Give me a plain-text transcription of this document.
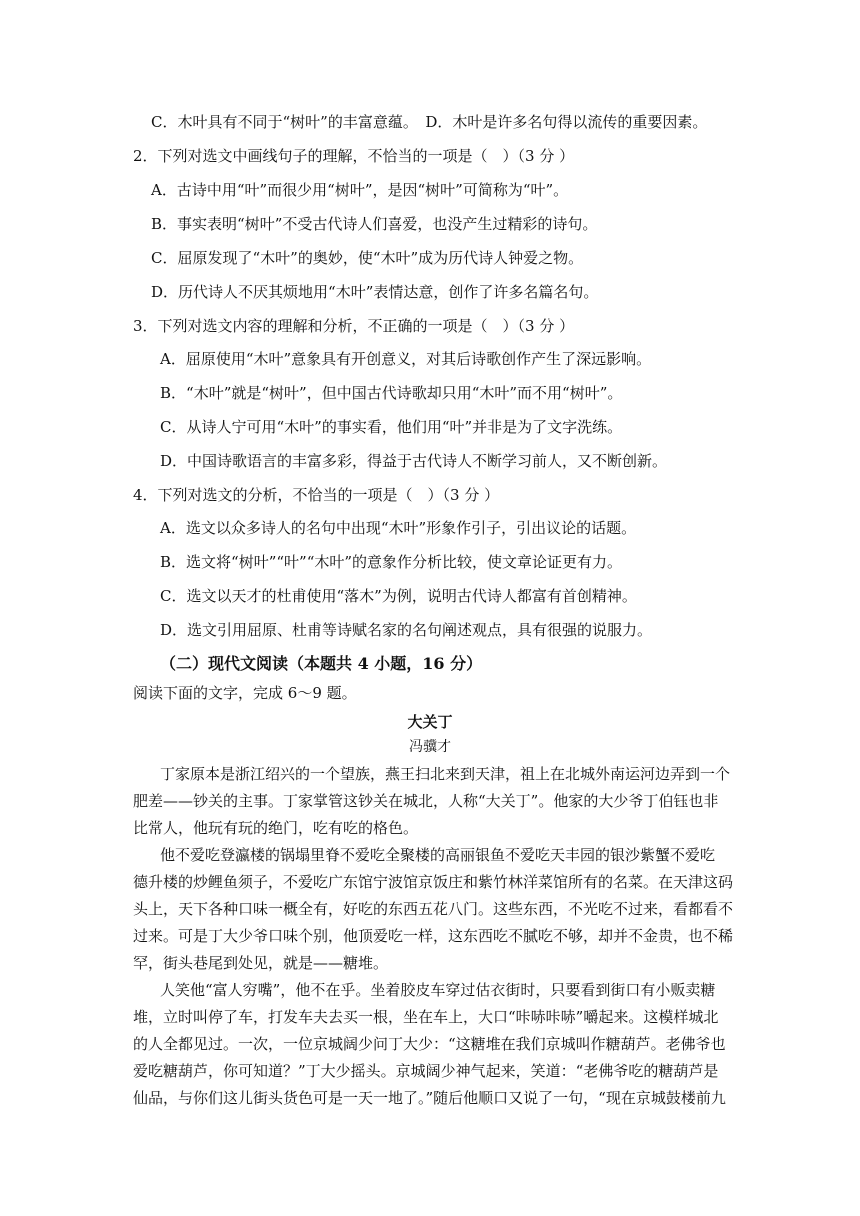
C．木叶具有不同于“树叶”的丰富意蕴。　D．木叶是许多名句得以流传的重要因素。
2．下列对选文中画线句子的理解，不恰当的一项是（　）（3 分 ）
A．古诗中用“叶”而很少用“树叶”，是因“树叶”可简称为“叶”。
B．事实表明“树叶”不受古代诗人们喜爱，也没产生过精彩的诗句。
C．屈原发现了“木叶”的奥妙，使“木叶”成为历代诗人钟爱之物。
D．历代诗人不厌其烦地用“木叶”表情达意，创作了许多名篇名句。
3．下列对选文内容的理解和分析，不正确的一项是（　）（3 分 ）
A．屈原使用“木叶”意象具有开创意义，对其后诗歌创作产生了深远影响。
B．“木叶”就是“树叶”，但中国古代诗歌却只用“木叶”而不用“树叶”。
C．从诗人宁可用“木叶”的事实看，他们用“叶”并非是为了文字洗练。
D．中国诗歌语言的丰富多彩，得益于古代诗人不断学习前人，又不断创新。
4．下列对选文的分析，不恰当的一项是（　）（3 分 ）
A．选文以众多诗人的名句中出现“木叶”形象作引子，引出议论的话题。
B．选文将“树叶”“叶”“木叶”的意象作分析比较，使文章论证更有力。
C．选文以天才的杜甫使用“落木”为例，说明古代诗人都富有首创精神。
D．选文引用屈原、杜甫等诗赋名家的名句阐述观点，具有很强的说服力。
（二）现代文阅读（本题共 4 小题，16 分）
阅读下面的文字，完成 6～9 题。
大关丁
冯骥才
丁家原本是浙江绍兴的一个望族，燕王扫北来到天津，祖上在北城外南运河边弄到一个
肥差——钞关的主事。丁家掌管这钞关在城北，人称“大关丁”。他家的大少爷丁伯钰也非
比常人，他玩有玩的绝门，吃有吃的格色。
他不爱吃登瀛楼的锅塌里脊不爱吃全聚楼的高丽银鱼不爱吃天丰园的银沙紫蟹不爱吃
德升楼的炒鲤鱼须子，不爱吃广东馆宁波馆京饭庄和紫竹林洋菜馆所有的名菜。在天津这码
头上，天下各种口味一概全有，好吃的东西五花八门。这些东西，不光吃不过来，看都看不
过来。可是丁大少爷口味个别，他顶爱吃一样，这东西吃不腻吃不够，却并不金贵，也不稀
罕，街头巷尾到处见，就是——糖堆。
人笑他“富人穷嘴”，他不在乎。坐着胶皮车穿过估衣街时，只要看到街口有小贩卖糖
堆，立时叫停了车，打发车夫去买一根，坐在车上，大口“咔哧咔哧”嚼起来。这模样城北
的人全都见过。一次，一位京城阔少问丁大少：“这糖堆在我们京城叫作糖葫芦。老佛爷也
爱吃糖葫芦，你可知道？”丁大少摇头。京城阔少神气起来，笑道：“老佛爷吃的糖葫芦是
仙品，与你们这儿街头货色可是一天一地了。”随后他顺口又说了一句，“现在京城鼓楼前九
